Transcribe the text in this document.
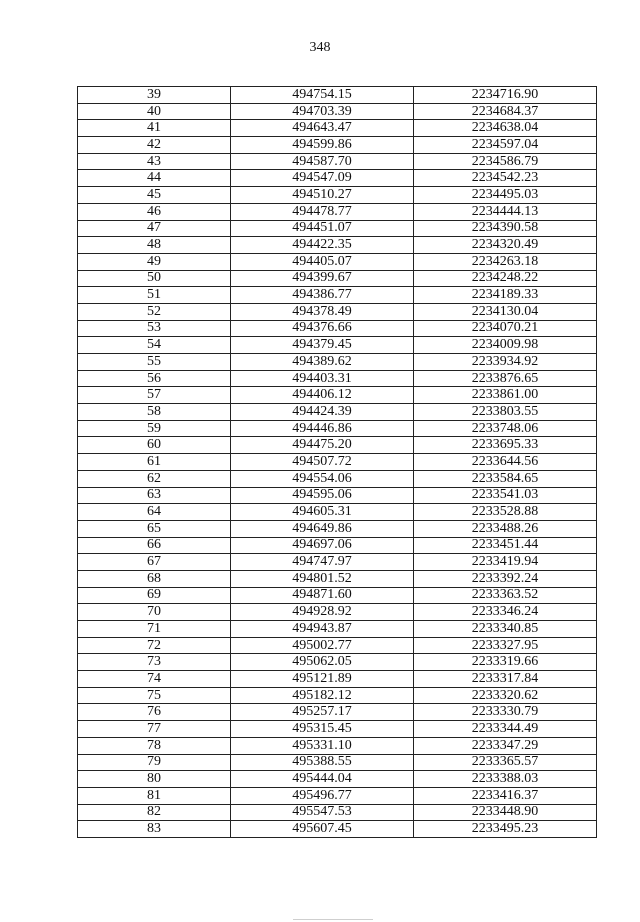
348
39	494754.15	2234716.90
40	494703.39	2234684.37
41	494643.47	2234638.04
42	494599.86	2234597.04
43	494587.70	2234586.79
44	494547.09	2234542.23
45	494510.27	2234495.03
46	494478.77	2234444.13
47	494451.07	2234390.58
48	494422.35	2234320.49
49	494405.07	2234263.18
50	494399.67	2234248.22
51	494386.77	2234189.33
52	494378.49	2234130.04
53	494376.66	2234070.21
54	494379.45	2234009.98
55	494389.62	2233934.92
56	494403.31	2233876.65
57	494406.12	2233861.00
58	494424.39	2233803.55
59	494446.86	2233748.06
60	494475.20	2233695.33
61	494507.72	2233644.56
62	494554.06	2233584.65
63	494595.06	2233541.03
64	494605.31	2233528.88
65	494649.86	2233488.26
66	494697.06	2233451.44
67	494747.97	2233419.94
68	494801.52	2233392.24
69	494871.60	2233363.52
70	494928.92	2233346.24
71	494943.87	2233340.85
72	495002.77	2233327.95
73	495062.05	2233319.66
74	495121.89	2233317.84
75	495182.12	2233320.62
76	495257.17	2233330.79
77	495315.45	2233344.49
78	495331.10	2233347.29
79	495388.55	2233365.57
80	495444.04	2233388.03
81	495496.77	2233416.37
82	495547.53	2233448.90
83	495607.45	2233495.23
